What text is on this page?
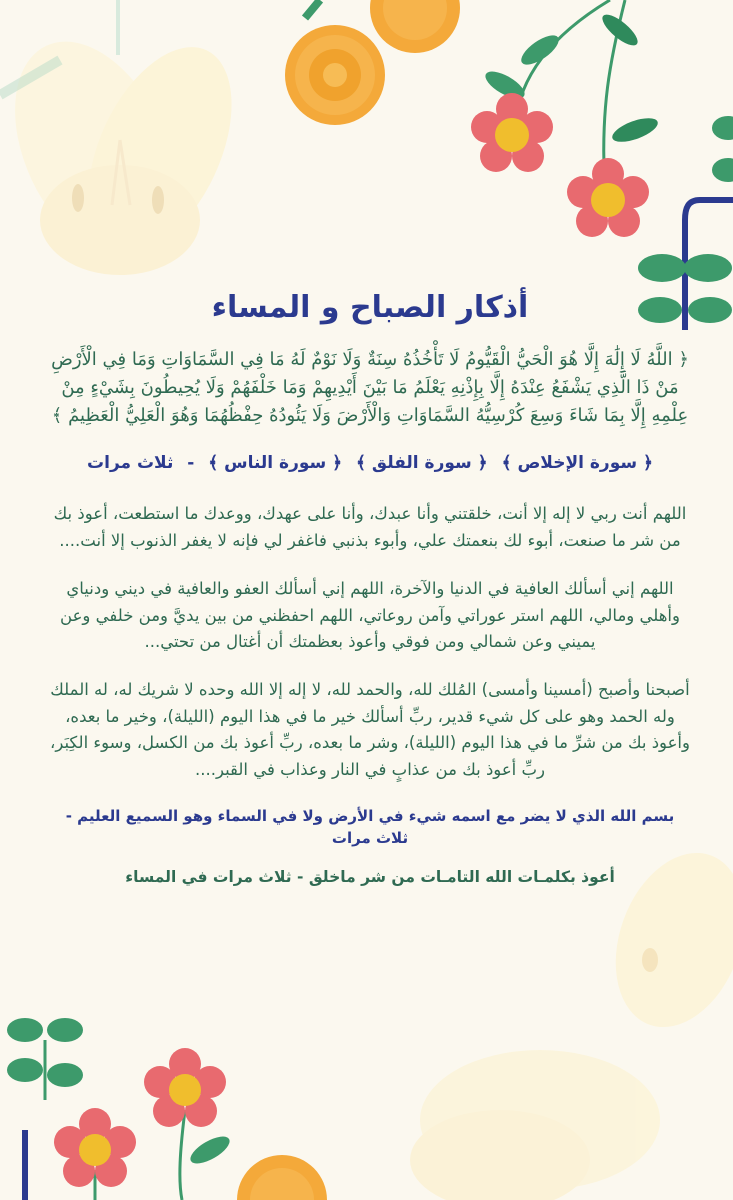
أذكار الصباح و المساء

﴿ اللَّهُ لَا إِلَٰهَ إِلَّا هُوَ الْحَيُّ الْقَيُّومُ لَا تَأْخُذُهُ سِنَةٌ وَلَا نَوْمٌ لَهُ مَا فِي السَّمَاوَاتِ وَمَا فِي الْأَرْضِ مَنْ ذَا الَّذِي يَشْفَعُ عِنْدَهُ إِلَّا بِإِذْنِهِ يَعْلَمُ مَا بَيْنَ أَيْدِيهِمْ وَمَا خَلْفَهُمْ وَلَا يُحِيطُونَ بِشَيْءٍ مِنْ عِلْمِهِ إِلَّا بِمَا شَاءَ وَسِعَ كُرْسِيُّهُ السَّمَاوَاتِ وَالْأَرْضَ وَلَا يَئُودُهُ حِفْظُهُمَا وَهُوَ الْعَلِيُّ الْعَظِيمُ ﴾

﴿ سورة الإخلاص ﴾ ﴿ سورة الفلق ﴾ ﴿ سورة الناس ﴾ - ثلاث مرات

اللهم أنت ربي لا إله إلا أنت، خلقتني وأنا عبدك، وأنا على عهدك، ووعدك ما استطعت، أعوذ بك من شر ما صنعت، أبوء لك بنعمتك علي، وأبوء بذنبي فاغفر لي فإنه لا يغفر الذنوب إلا أنت....

اللهم إني أسألك العافية في الدنيا والآخرة، اللهم إني أسألك العفو والعافية في ديني ودنياي وأهلي ومالي، اللهم استر عوراتي وآمن روعاتي، اللهم احفظني من بين يديَّ ومن خلفي وعن يميني وعن شمالي ومن فوقي وأعوذ بعظمتك أن أغتال من تحتي...

أصبحنا وأصبح (أمسينا وأمسى) المُلك لله، والحمد لله، لا إله إلا الله وحده لا شريك له، له الملك وله الحمد وهو على كل شيء قدير، ربِّ أسألك خير ما في هذا اليوم (الليلة)، وخير ما بعده، وأعوذ بك من شرِّ ما في هذا اليوم (الليلة)، وشر ما بعده، ربِّ أعوذ بك من الكسل، وسوء الكِبَر، ربِّ أعوذ بك من عذابٍ في النار وعذاب في القبر....

بسم الله الذي لا يضر مع اسمه شيء في الأرض ولا في السماء وهو السميع العليم - ثلاث مرات

أعوذ بكلمـات الله التامـات من شر ماخلق - ثلاث مرات في المساء
